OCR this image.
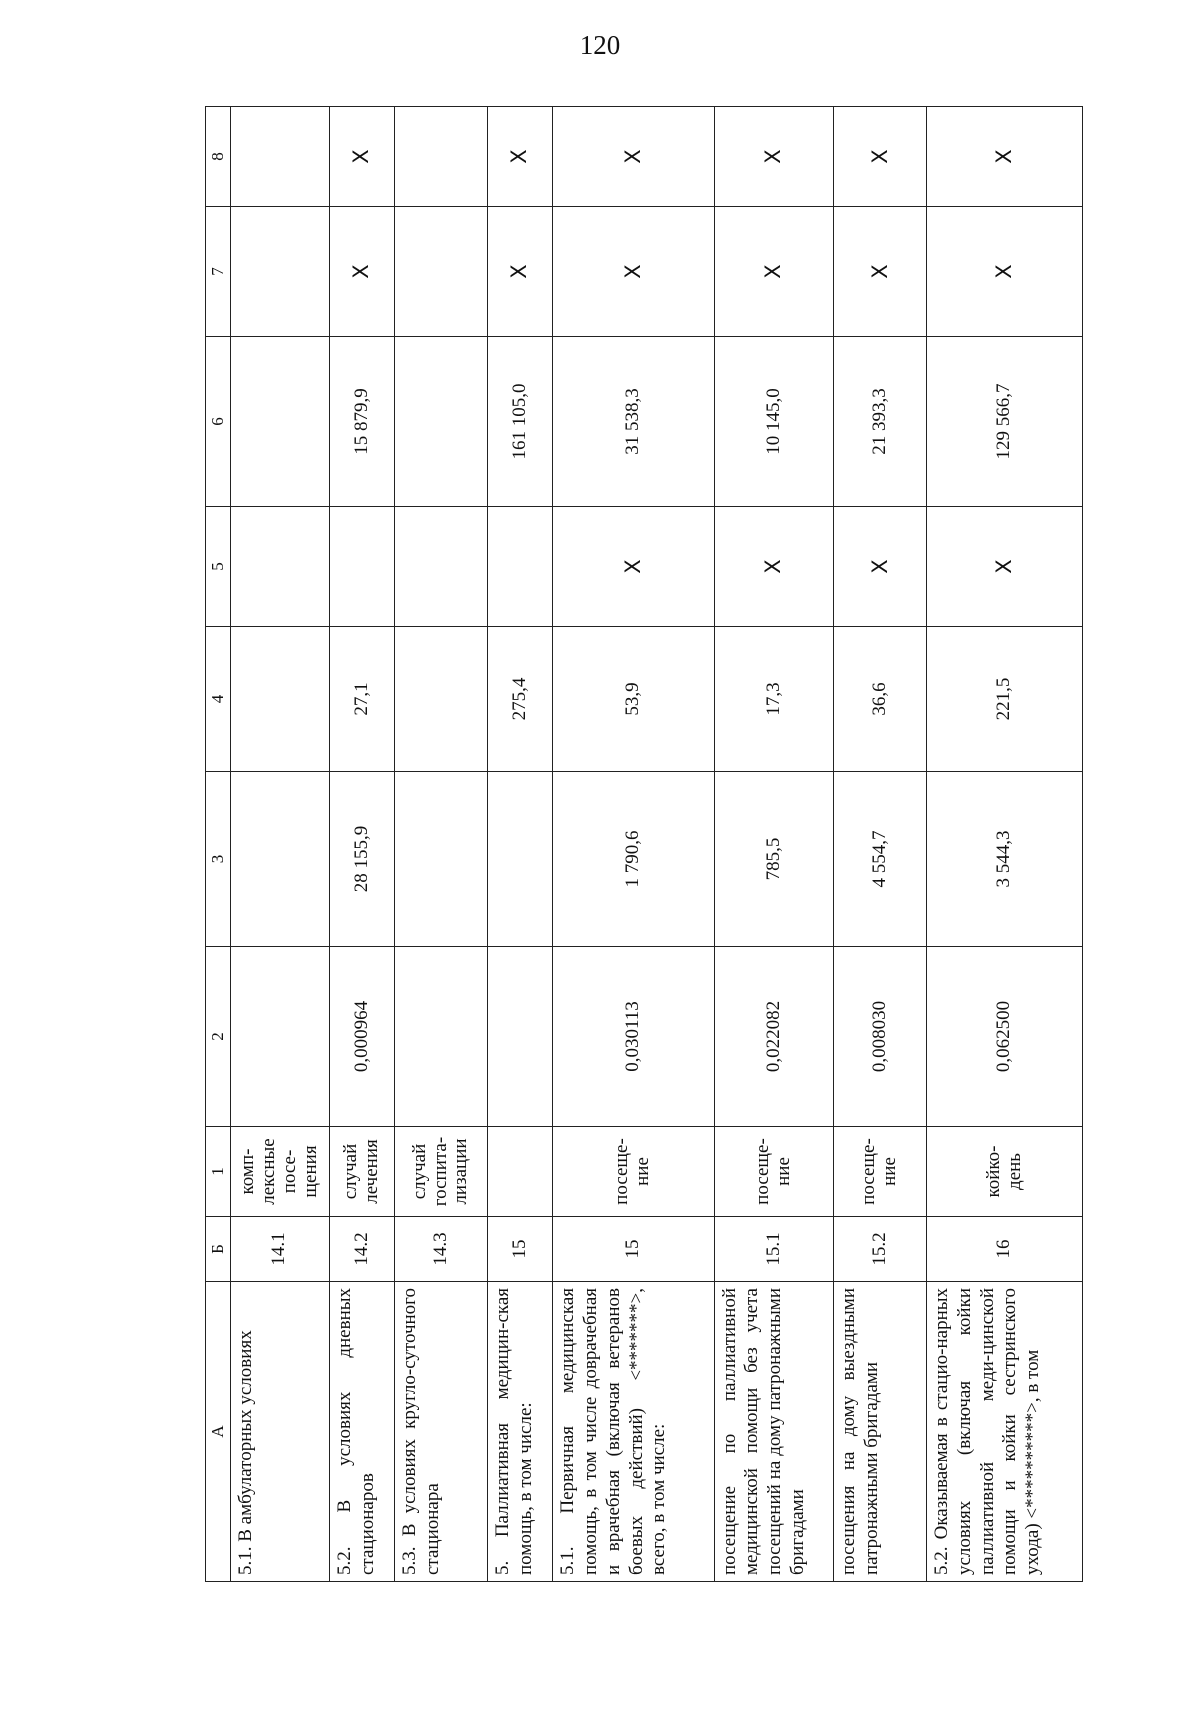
120
А	Б	1	2	3	4	5	6	7	8
5.1. В амбулаторных условиях	14.1	комп-лексные посе-щения							
5.2. В условиях дневных стационаров	14.2	случай лечения	0,000964	28 155,9	27,1		15 879,9	Х	Х
5.3. В условиях кругло-суточного стационара	14.3	случай госпита-лизации							
5. Паллиативная медицин-ская помощь, в том числе:	15				275,4		161 105,0	Х	Х
5.1. Первичная медицинская помощь, в том числе доврачебная и врачебная (включая ветеранов боевых действий) <*******>, всего, в том числе:	15	посеще-ние	0,030113	1 790,6	53,9	Х	31 538,3	Х	Х
посещение по паллиативной медицинской помощи без учета посещений на дому патронажными бригадами	15.1	посеще-ние	0,022082	785,5	17,3	Х	10 145,0	Х	Х
посещения на дому выездными патронажными бригадами	15.2	посеще-ние	0,008030	4 554,7	36,6	Х	21 393,3	Х	Х
5.2. Оказываемая в стацио-нарных условиях (включая койки паллиативной меди-цинской помощи и койки сестринского ухода) <**********>, в том	16	койко-день	0,062500	3 544,3	221,5	Х	129 566,7	Х	Х
